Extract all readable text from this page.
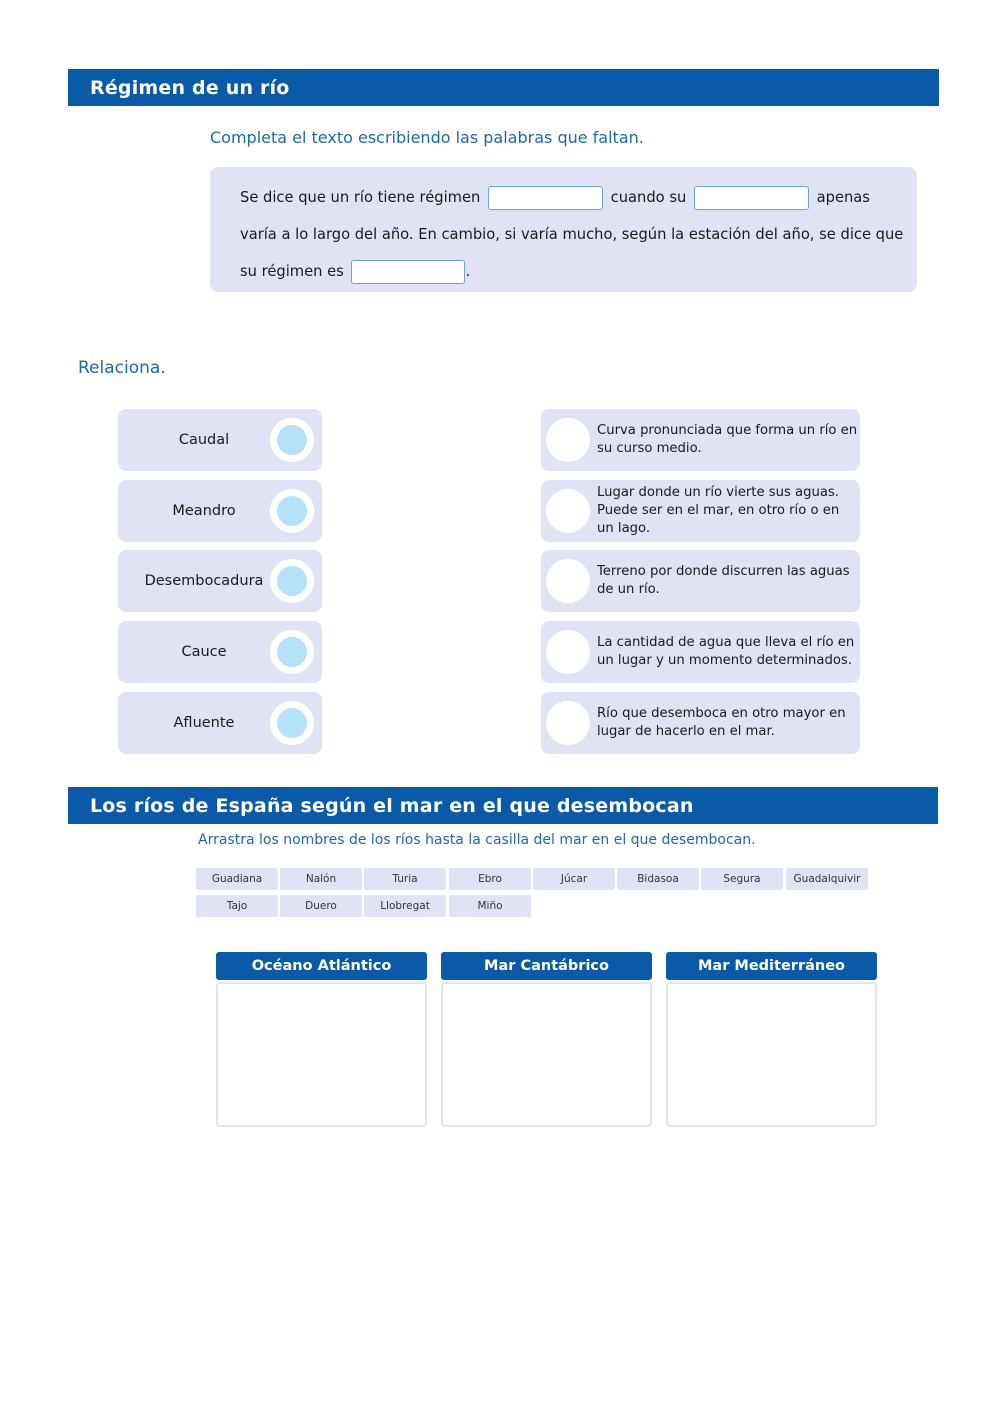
Régimen de un río
Completa el texto escribiendo las palabras que faltan.
Se dice que un río tiene régimen	cuando su	apenas varía a lo largo del año. En cambio, si varía mucho, según la estación del año, se dice que su régimen es	.
Relaciona.
Caudal
Meandro
Desembocadura
Cauce
Afluente
Curva pronunciada que forma un río en su curso medio.
Lugar donde un río vierte sus aguas. Puede ser en el mar, en otro río o en un lago.
Terreno por donde discurren las aguas de un río.
La cantidad de agua que lleva el río en un lugar y un momento determinados.
Río que desemboca en otro mayor en lugar de hacerlo en el mar.
Los ríos de España según el mar en el que desembocan
Arrastra los nombres de los ríos hasta la casilla del mar en el que desembocan.
Guadiana	Nalón	Turia	Ebro	Júcar	Bidasoa	Segura	Guadalquivir
Tajo	Duero	Llobregat	Miño
Océano Atlántico	Mar Cantábrico	Mar Mediterráneo
